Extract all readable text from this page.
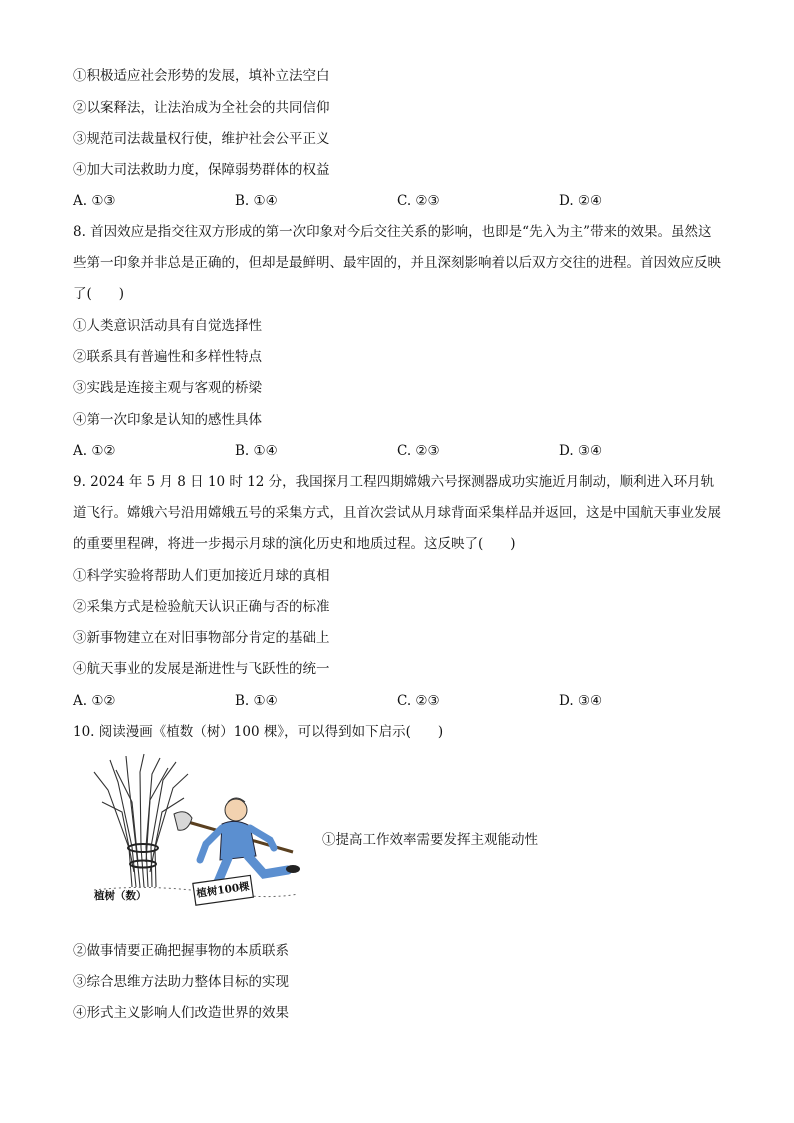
①积极适应社会形势的发展，填补立法空白
②以案释法，让法治成为全社会的共同信仰
③规范司法裁量权行使，维护社会公平正义
④加大司法救助力度，保障弱势群体的权益
A. ①③	B. ①④	C. ②③	D. ②④
8. 首因效应是指交往双方形成的第一次印象对今后交往关系的影响，也即是“先入为主”带来的效果。虽然这些第一印象并非总是正确的，但却是最鲜明、最牢固的，并且深刻影响着以后双方交往的进程。首因效应反映了(　　)
①人类意识活动具有自觉选择性
②联系具有普遍性和多样性特点
③实践是连接主观与客观的桥梁
④第一次印象是认知的感性具体
A. ①②	B. ①④	C. ②③	D. ③④
9. 2024 年 5 月 8 日 10 时 12 分，我国探月工程四期嫦娥六号探测器成功实施近月制动，顺利进入环月轨道飞行。嫦娥六号沿用嫦娥五号的采集方式，且首次尝试从月球背面采集样品并返回，这是中国航天事业发展的重要里程碑，将进一步揭示月球的演化历史和地质过程。这反映了(　　)
①科学实验将帮助人们更加接近月球的真相
②采集方式是检验航天认识正确与否的标准
③新事物建立在对旧事物部分肯定的基础上
④航天事业的发展是渐进性与飞跃性的统一
A. ①②	B. ①④	C. ②③	D. ③④
10. 阅读漫画《植数（树）100 棵》，可以得到如下启示(　　)
植树100棵
植树（数）
①提高工作效率需要发挥主观能动性
②做事情要正确把握事物的本质联系
③综合思维方法助力整体目标的实现
④形式主义影响人们改造世界的效果
